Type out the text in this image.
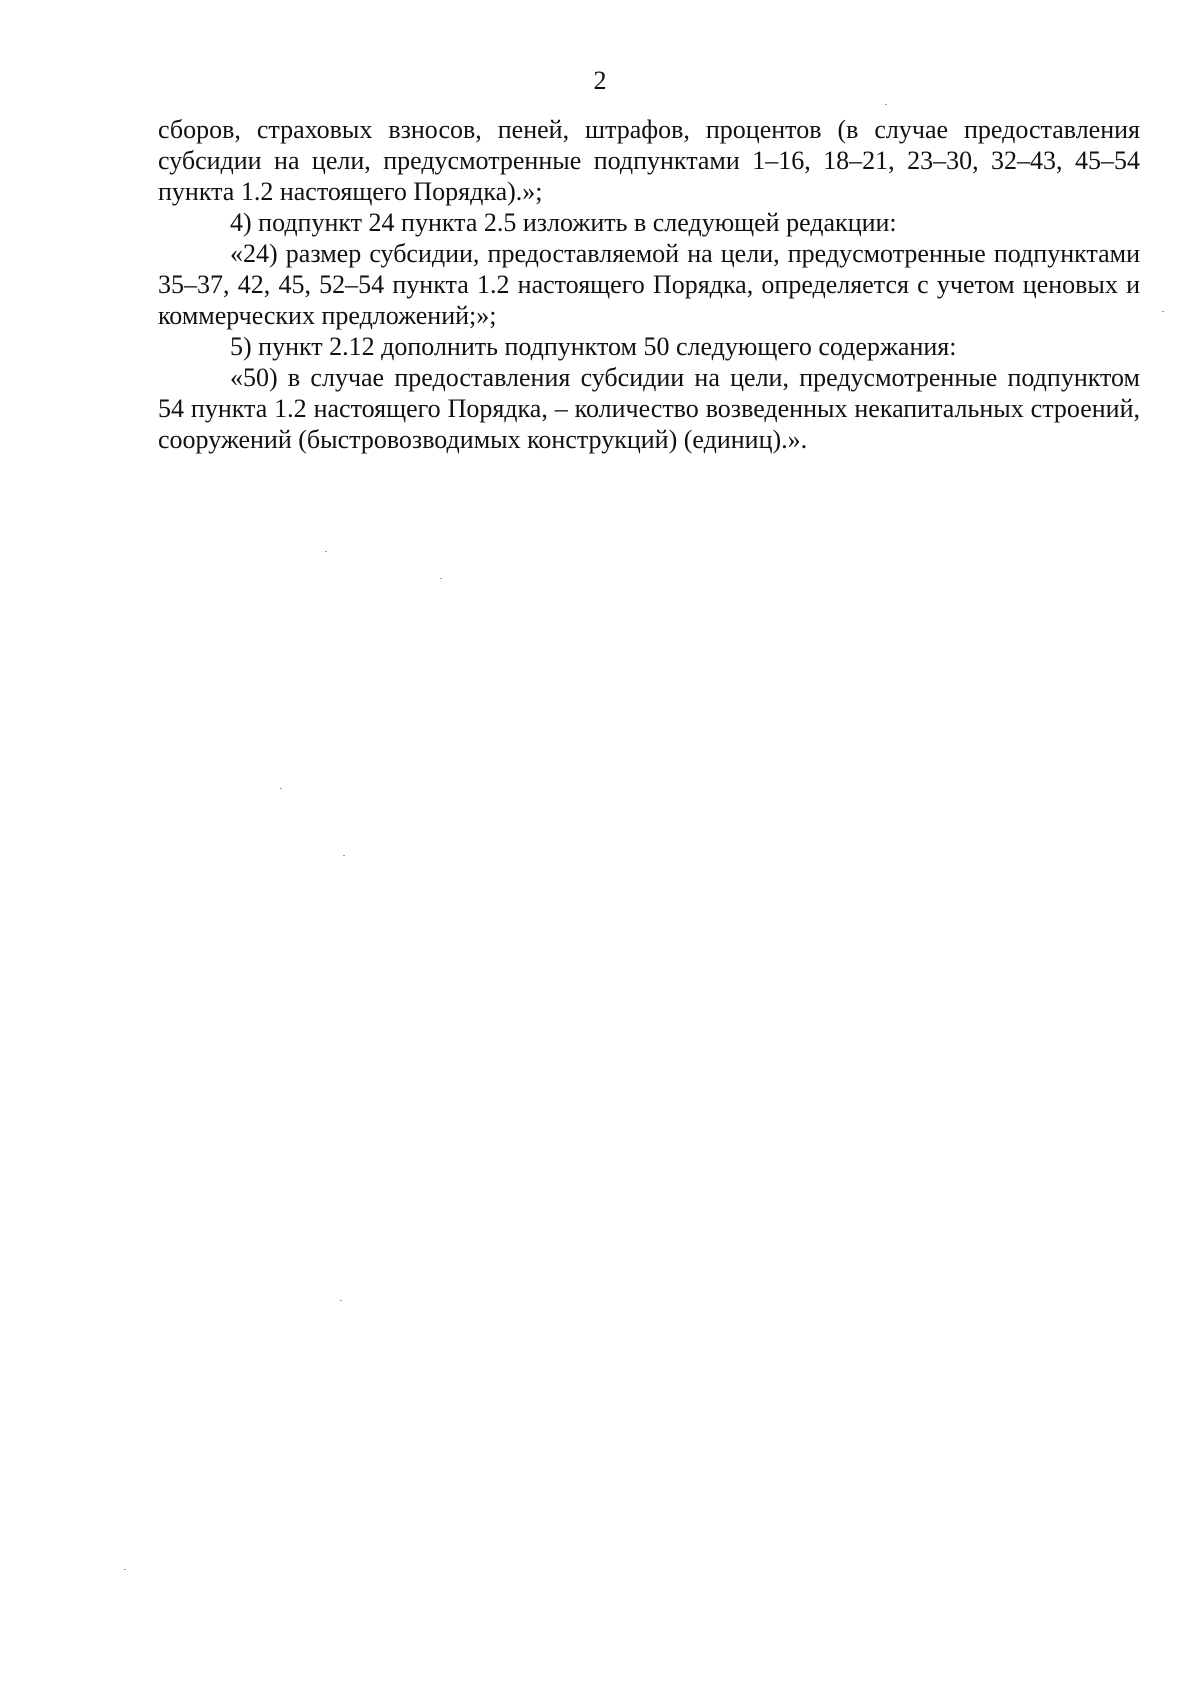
2

сборов, страховых взносов, пеней, штрафов, процентов (в случае предоставления субсидии на цели, предусмотренные подпунктами 1–16, 18–21, 23–30, 32–43, 45–54 пункта 1.2 настоящего Порядка).»;

4) подпункт 24 пункта 2.5 изложить в следующей редакции:

«24) размер субсидии, предоставляемой на цели, предусмотренные подпунктами 35–37, 42, 45, 52–54 пункта 1.2 настоящего Порядка, определяется с учетом ценовых и коммерческих предложений;»;

5) пункт 2.12 дополнить подпунктом 50 следующего содержания:

«50) в случае предоставления субсидии на цели, предусмотренные подпунктом 54 пункта 1.2 настоящего Порядка, – количество возведенных некапитальных строений, сооружений (быстровозводимых конструкций) (единиц).».
